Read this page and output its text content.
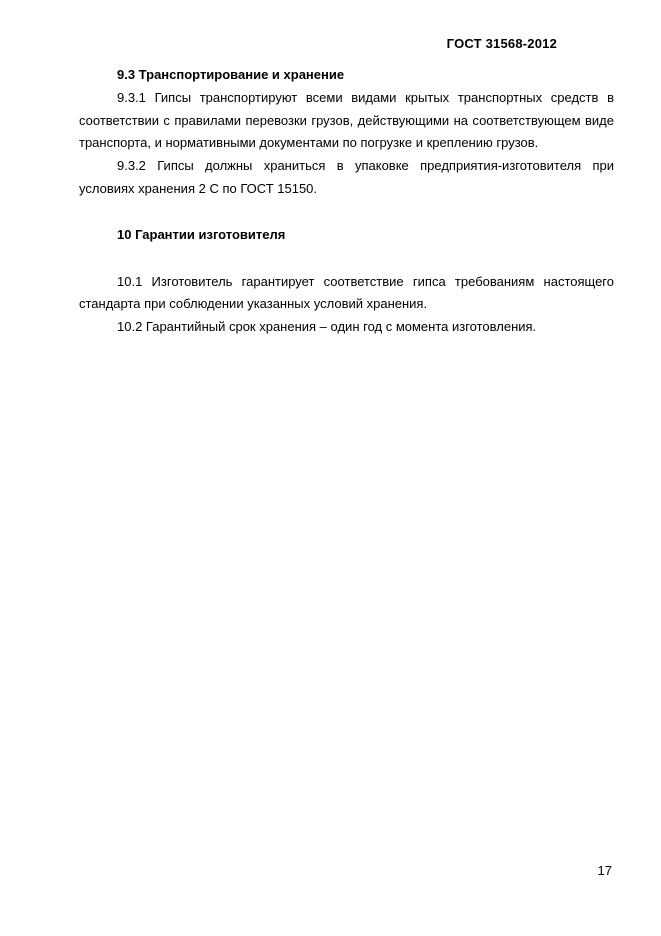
ГОСТ 31568-2012

9.3 Транспортирование и хранение

9.3.1 Гипсы транспортируют всеми видами крытых транспортных средств в соответствии с правилами перевозки грузов, действующими на соответствующем виде транспорта, и нормативными документами по погрузке и креплению грузов.

9.3.2 Гипсы должны храниться в упаковке предприятия-изготовителя при условиях хранения 2 С по ГОСТ 15150.

10 Гарантии изготовителя

10.1 Изготовитель гарантирует соответствие гипса требованиям настоящего стандарта при соблюдении указанных условий хранения.

10.2 Гарантийный срок хранения – один год с момента изготовления.

17
